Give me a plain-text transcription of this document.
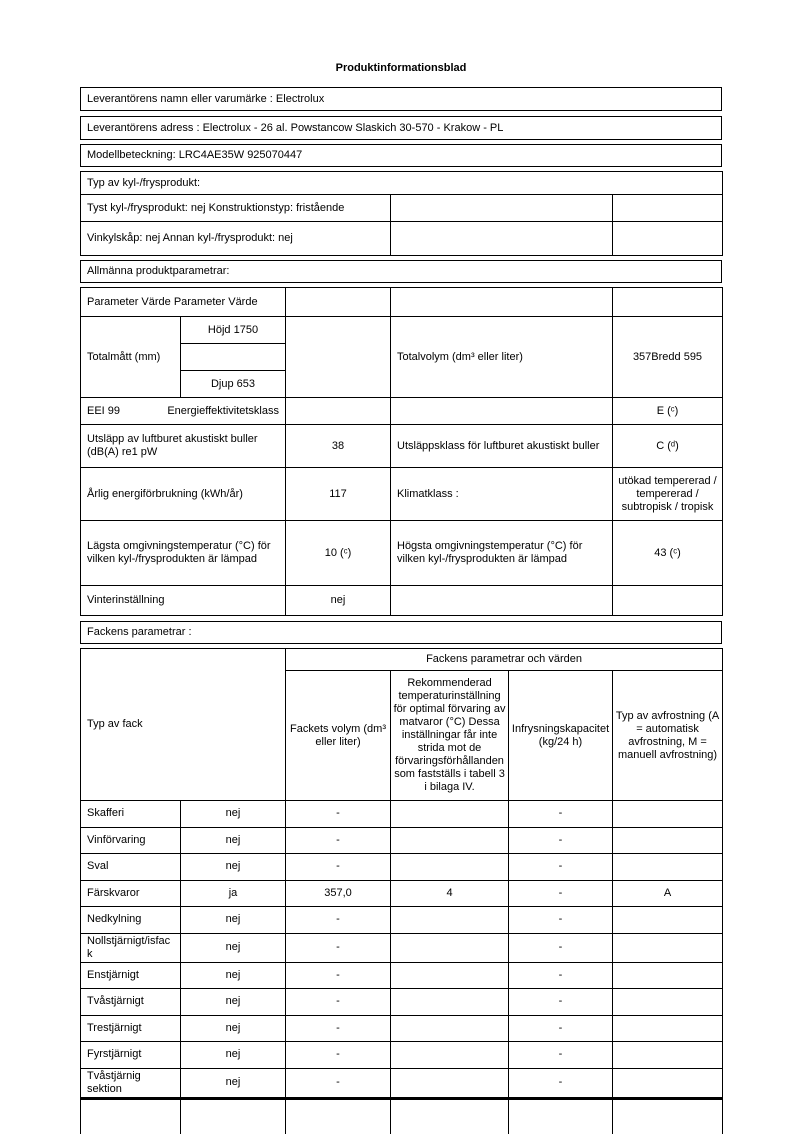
Produktinformationsblad
Leverantörens namn eller varumärke : Electrolux
Leverantörens adress : Electrolux - 26 al. Powstancow Slaskich 30-570 - Krakow - PL
Modellbeteckning: LRC4AE35W 925070447
Typ av kyl-/frysprodukt:		
Tyst kyl-/frysprodukt: nej Konstruktionstyp: fristående		
Vinkylskåp: nej Annan kyl-/frysprodukt: nej		
Allmänna produktparametrar:
Parameter Värde Parameter Värde				
Totalmått (mm)	Höjd 1750		Totalvolym (dm³ eller liter)	357Bredd 595

	Djup 653			

EEI 99 Energieffektivitetsklass				E (ᶜ)
Utsläpp av luftburet akustiskt buller (dB(A) re1 pW		38	Utsläppsklass för luftburet akustiskt buller	C (ᵈ)
Årlig energiförbrukning (kWh/år)		117	Klimatklass :	utökad tempererad / tempererad / subtropisk / tropisk
Lägsta omgivningstemperatur (°C) för vilken kyl-/frysprodukten är lämpad		10 (ᶜ)	Högsta omgivningstemperatur (°C) för vilken kyl-/frysprodukten är lämpad	43 (ᶜ)
Vinterinställning		nej		
Fackens parametrar :
Typ av fack		Fackens parametrar och värden			
		Fackets volym (dm³ eller liter)	Rekommenderad temperaturinställning för optimal förvaring av matvaror (°C) Dessa inställningar får inte strida mot de förvaringsförhållanden som fastställs i tabell 3 i bilaga IV.	Infrysningskapacitet (kg/24 h)	Typ av avfrostning (A = automatisk avfrostning, M = manuell avfrostning)
Skafferi	nej	-		-	
Vinförvaring	nej	-		-	
Sval	nej	-		-	
Färskvaror	ja	357,0	4	-	A
Nedkylning	nej	-		-	
Nollstjärnigt/isfack	nej	-		-	
Enstjärnigt	nej	-		-	
Tvåstjärnigt	nej	-		-	
Trestjärnigt	nej	-		-	
Fyrstjärnigt	nej	-		-	
Tvåstjärnig sektion	nej	-		-	
